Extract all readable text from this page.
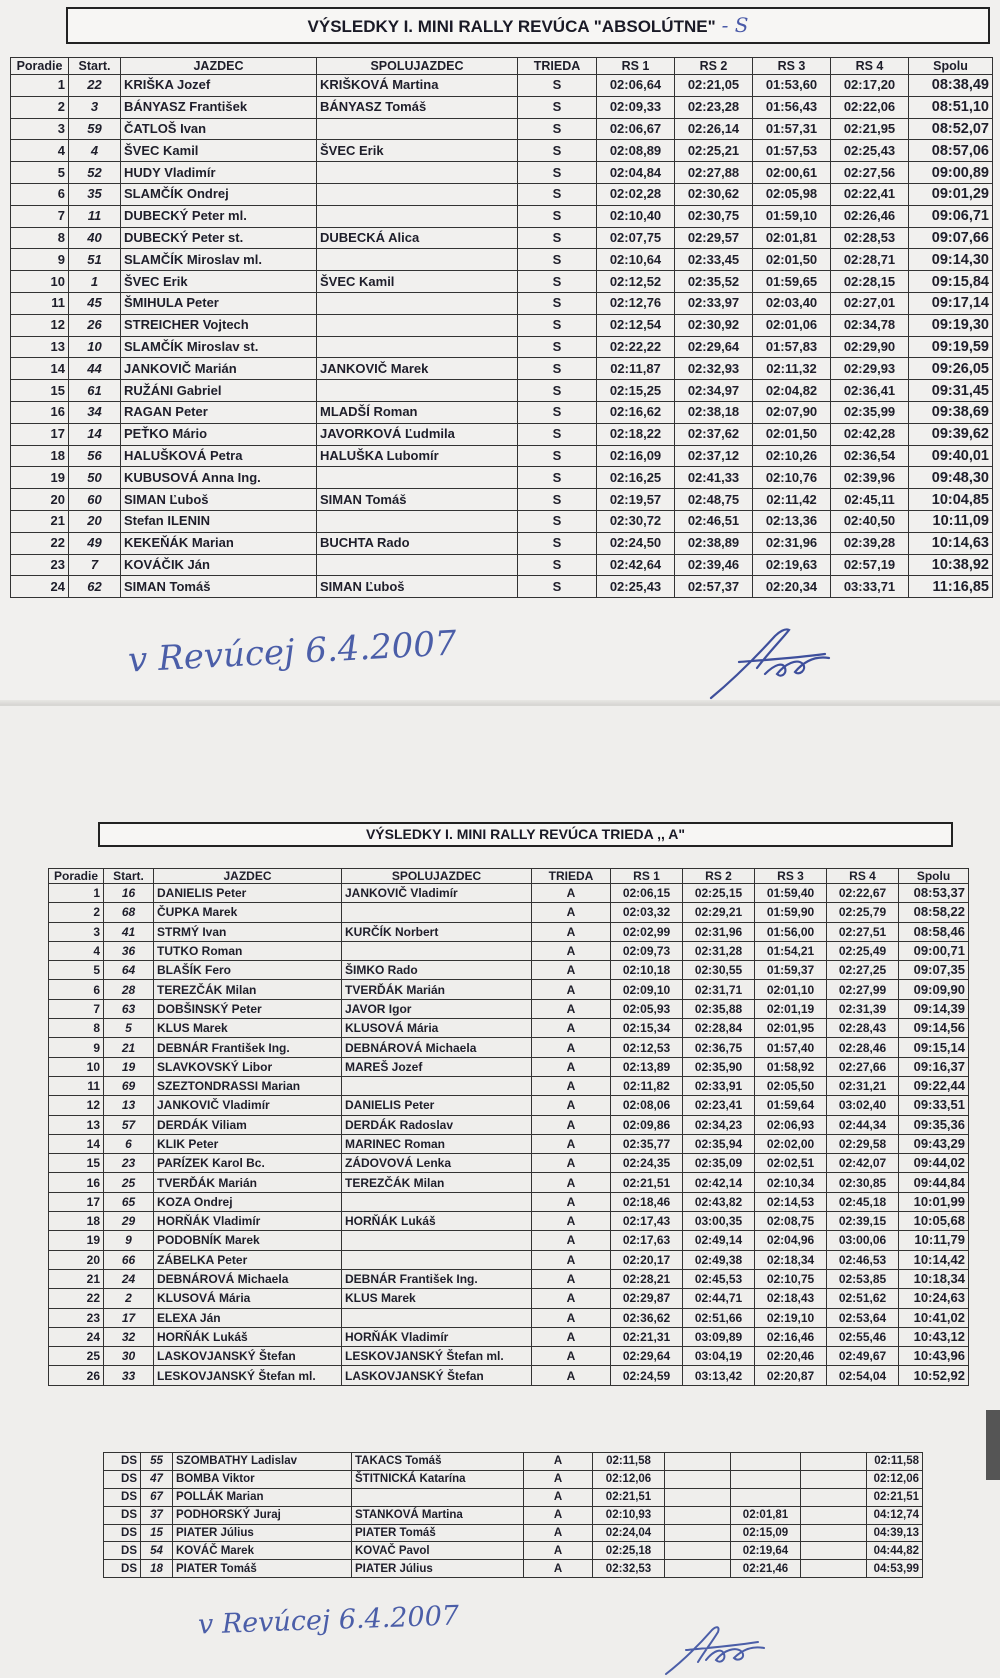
VÝSLEDKY I. MINI RALLY REVÚCA "ABSOLÚTNE" - S
Poradie	Start.	JAZDEC	SPOLUJAZDEC	TRIEDA	RS 1	RS 2	RS 3	RS 4	Spolu
1	22	KRIŠKA Jozef	KRIŠKOVÁ Martina	S	02:06,64	02:21,05	01:53,60	02:17,20	08:38,49
2	3	BÁNYASZ František	BÁNYASZ Tomáš	S	02:09,33	02:23,28	01:56,43	02:22,06	08:51,10
3	59	ČATLOŠ Ivan		S	02:06,67	02:26,14	01:57,31	02:21,95	08:52,07
4	4	ŠVEC Kamil	ŠVEC Erik	S	02:08,89	02:25,21	01:57,53	02:25,43	08:57,06
5	52	HUDY Vladimír		S	02:04,84	02:27,88	02:00,61	02:27,56	09:00,89
6	35	SLAMČÍK Ondrej		S	02:02,28	02:30,62	02:05,98	02:22,41	09:01,29
7	11	DUBECKÝ Peter ml.		S	02:10,40	02:30,75	01:59,10	02:26,46	09:06,71
8	40	DUBECKÝ Peter st.	DUBECKÁ Alica	S	02:07,75	02:29,57	02:01,81	02:28,53	09:07,66
9	51	SLAMČÍK Miroslav ml.		S	02:10,64	02:33,45	02:01,50	02:28,71	09:14,30
10	1	ŠVEC Erik	ŠVEC Kamil	S	02:12,52	02:35,52	01:59,65	02:28,15	09:15,84
11	45	ŠMIHULA Peter		S	02:12,76	02:33,97	02:03,40	02:27,01	09:17,14
12	26	STREICHER Vojtech		S	02:12,54	02:30,92	02:01,06	02:34,78	09:19,30
13	10	SLAMČÍK Miroslav st.		S	02:22,22	02:29,64	01:57,83	02:29,90	09:19,59
14	44	JANKOVIČ Marián	JANKOVIČ Marek	S	02:11,87	02:32,93	02:11,32	02:29,93	09:26,05
15	61	RUŽÁNI Gabriel		S	02:15,25	02:34,97	02:04,82	02:36,41	09:31,45
16	34	RAGAN Peter	MLADŠÍ Roman	S	02:16,62	02:38,18	02:07,90	02:35,99	09:38,69
17	14	PEŤKO Mário	JAVORKOVÁ Ľudmila	S	02:18,22	02:37,62	02:01,50	02:42,28	09:39,62
18	56	HALUŠKOVÁ Petra	HALUŠKA Lubomír	S	02:16,09	02:37,12	02:10,26	02:36,54	09:40,01
19	50	KUBUSOVÁ Anna Ing.		S	02:16,25	02:41,33	02:10,76	02:39,96	09:48,30
20	60	SIMAN Ľuboš	SIMAN Tomáš	S	02:19,57	02:48,75	02:11,42	02:45,11	10:04,85
21	20	Stefan ILENIN		S	02:30,72	02:46,51	02:13,36	02:40,50	10:11,09
22	49	KEKEŇÁK Marian	BUCHTA Rado	S	02:24,50	02:38,89	02:31,96	02:39,28	10:14,63
23	7	KOVÁČIK Ján		S	02:42,64	02:39,46	02:19,63	02:57,19	10:38,92
24	62	SIMAN Tomáš	SIMAN Ľuboš	S	02:25,43	02:57,37	02:20,34	03:33,71	11:16,85
v Revúcej 6.4.2007
VÝSLEDKY I. MINI RALLY REVÚCA TRIEDA ,, A"
Poradie	Start.	JAZDEC	SPOLUJAZDEC	TRIEDA	RS 1	RS 2	RS 3	RS 4	Spolu
1	16	DANIELIS Peter	JANKOVIČ Vladimír	A	02:06,15	02:25,15	01:59,40	02:22,67	08:53,37
2	68	ČUPKA Marek		A	02:03,32	02:29,21	01:59,90	02:25,79	08:58,22
3	41	STRMÝ Ivan	KURČÍK Norbert	A	02:02,99	02:31,96	01:56,00	02:27,51	08:58,46
4	36	TUTKO Roman		A	02:09,73	02:31,28	01:54,21	02:25,49	09:00,71
5	64	BLAŠÍK Fero	ŠIMKO Rado	A	02:10,18	02:30,55	01:59,37	02:27,25	09:07,35
6	28	TEREZČÁK Milan	TVERĎÁK Marián	A	02:09,10	02:31,71	02:01,10	02:27,99	09:09,90
7	63	DOBŠINSKÝ Peter	JAVOR Igor	A	02:05,93	02:35,88	02:01,19	02:31,39	09:14,39
8	5	KLUS Marek	KLUSOVÁ Mária	A	02:15,34	02:28,84	02:01,95	02:28,43	09:14,56
9	21	DEBNÁR František Ing.	DEBNÁROVÁ Michaela	A	02:12,53	02:36,75	01:57,40	02:28,46	09:15,14
10	19	SLAVKOVSKÝ Libor	MAREŠ Jozef	A	02:13,89	02:35,90	01:58,92	02:27,66	09:16,37
11	69	SZEZTONDRASSI Marian		A	02:11,82	02:33,91	02:05,50	02:31,21	09:22,44
12	13	JANKOVIČ Vladimír	DANIELIS Peter	A	02:08,06	02:23,41	01:59,64	03:02,40	09:33,51
13	57	DERDÁK Viliam	DERDÁK Radoslav	A	02:09,86	02:34,23	02:06,93	02:44,34	09:35,36
14	6	KLIK Peter	MARINEC Roman	A	02:35,77	02:35,94	02:02,00	02:29,58	09:43,29
15	23	PARÍZEK Karol Bc.	ZÁDOVOVÁ Lenka	A	02:24,35	02:35,09	02:02,51	02:42,07	09:44,02
16	25	TVERĎÁK Marián	TEREZČÁK Milan	A	02:21,51	02:42,14	02:10,34	02:30,85	09:44,84
17	65	KOZA Ondrej		A	02:18,46	02:43,82	02:14,53	02:45,18	10:01,99
18	29	HORŇÁK Vladimír	HORŇÁK Lukáš	A	02:17,43	03:00,35	02:08,75	02:39,15	10:05,68
19	9	PODOBNÍK Marek		A	02:17,63	02:49,14	02:04,96	03:00,06	10:11,79
20	66	ZÁBELKA Peter		A	02:20,17	02:49,38	02:18,34	02:46,53	10:14,42
21	24	DEBNÁROVÁ Michaela	DEBNÁR František Ing.	A	02:28,21	02:45,53	02:10,75	02:53,85	10:18,34
22	2	KLUSOVÁ Mária	KLUS Marek	A	02:29,87	02:44,71	02:18,43	02:51,62	10:24,63
23	17	ELEXA Ján		A	02:36,62	02:51,66	02:19,10	02:53,64	10:41,02
24	32	HORŇÁK Lukáš	HORŇÁK Vladimír	A	02:21,31	03:09,89	02:16,46	02:55,46	10:43,12
25	30	LASKOVJANSKÝ Štefan	LESKOVJANSKÝ Štefan ml.	A	02:29,64	03:04,19	02:20,46	02:49,67	10:43,96
26	33	LESKOVJANSKÝ Štefan ml.	LASKOVJANSKÝ Štefan	A	02:24,59	03:13,42	02:20,87	02:54,04	10:52,92
DS	55	SZOMBATHY Ladislav	TAKACS Tomáš	A	02:11,58				02:11,58
DS	47	BOMBA Viktor	ŠTITNICKÁ Katarína	A	02:12,06				02:12,06
DS	67	POLLÁK Marian		A	02:21,51				02:21,51
DS	37	PODHORSKÝ Juraj	STANKOVÁ Martina	A	02:10,93		02:01,81		04:12,74
DS	15	PIATER Július	PIATER Tomáš	A	02:24,04		02:15,09		04:39,13
DS	54	KOVÁČ Marek	KOVAČ Pavol	A	02:25,18		02:19,64		04:44,82
DS	18	PIATER Tomáš	PIATER Július	A	02:32,53		02:21,46		04:53,99
v Revúcej 6.4.2007
